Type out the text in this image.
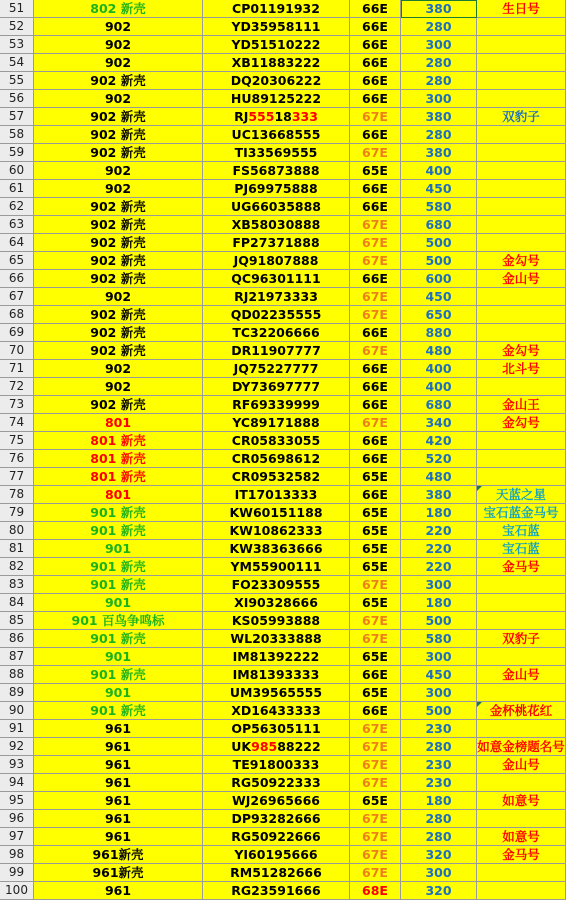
51	802 新壳	CP01191932	66E	380	生日号
52	902	YD35958111	66E	280
53	902	YD51510222	66E	300
54	902	XB11883222	66E	280
55	902 新壳	DQ20306222	66E	280
56	902	HU89125222	66E	300
57	902 新壳	RJ55518333	67E	380	双豹子
58	902 新壳	UC13668555	66E	280
59	902 新壳	TI33569555	67E	380
60	902	FS56873888	65E	400
61	902	PJ69975888	66E	450
62	902 新壳	UG66035888	66E	580
63	902 新壳	XB58030888	67E	680
64	902 新壳	FP27371888	67E	500
65	902 新壳	JQ91807888	67E	500	金勾号
66	902 新壳	QC96301111	66E	600	金山号
67	902	RJ21973333	67E	450
68	902 新壳	QD02235555	67E	650
69	902 新壳	TC32206666	66E	880
70	902 新壳	DR11907777	67E	480	金勾号
71	902	JQ75227777	66E	400	北斗号
72	902	DY73697777	66E	400
73	902 新壳	RF69339999	66E	680	金山王
74	801	YC89171888	67E	340	金勾号
75	801 新壳	CR05833055	66E	420
76	801 新壳	CR05698612	66E	520
77	801 新壳	CR09532582	65E	480
78	801	IT17013333	66E	380	天蓝之星
79	901 新壳	KW60151188	65E	180	宝石蓝金马号
80	901 新壳	KW10862333	65E	220	宝石蓝
81	901	KW38363666	65E	220	宝石蓝
82	901 新壳	YM55900111	65E	220	金马号
83	901 新壳	FO23309555	67E	300
84	901	XI90328666	65E	180
85	901 百鸟争鸣标	KS05993888	67E	500
86	901 新壳	WL20333888	67E	580	双豹子
87	901	IM81392222	65E	300
88	901 新壳	IM81393333	66E	450	金山号
89	901	UM39565555	65E	300
90	901 新壳	XD16433333	66E	500	金杯桃花红
91	961	OP56305111	67E	230
92	961	UK98588222	67E	280	如意金榜题名号
93	961	TE91800333	67E	230	金山号
94	961	RG50922333	67E	230
95	961	WJ26965666	65E	180	如意号
96	961	DP93282666	67E	280
97	961	RG50922666	67E	280	如意号
98	961新壳	YI60195666	67E	320	金马号
99	961新壳	RM51282666	67E	300
100	961	RG23591666	68E	320
